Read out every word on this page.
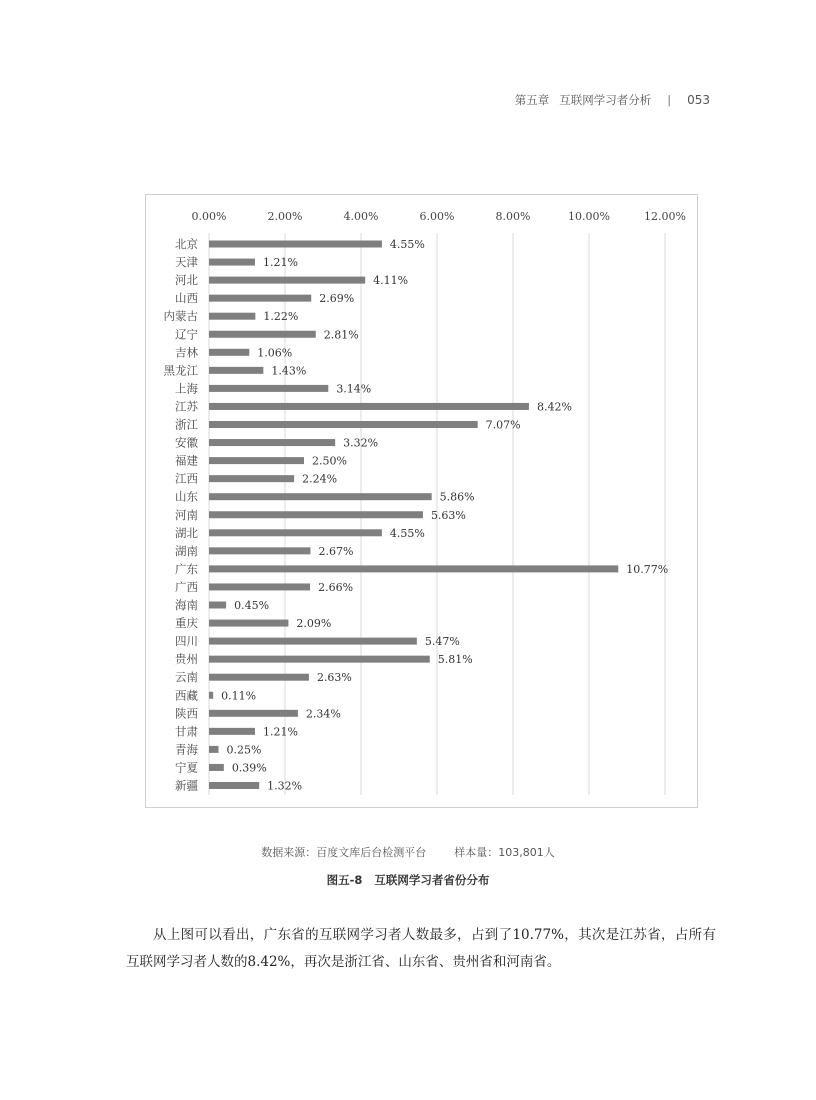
第五章 互联网学习者分析	|	053
0.00%	2.00%	4.00%	6.00%	8.00%	10.00%	12.00%
北京	4.55%
天津	1.21%
河北	4.11%
山西	2.69%
内蒙古	1.22%
辽宁	2.81%
吉林	1.06%
黑龙江	1.43%
上海	3.14%
江苏	8.42%
浙江	7.07%
安徽	3.32%
福建	2.50%
江西	2.24%
山东	5.86%
河南	5.63%
湖北	4.55%
湖南	2.67%
广东	10.77%
广西	2.66%
海南	0.45%
重庆	2.09%
四川	5.47%
贵州	5.81%
云南	2.63%
西藏 0.11%
陕西	2.34%
甘肃	1.21%
青海	0.25%
宁夏	0.39%
新疆	1.32%
数据来源：百度文库后台检测平台	样本量：103,801人
图五-8 互联网学习者省份分布

从上图可以看出，广东省的互联网学习者人数最多，占到了10.77%，其次是江苏省，占所有互联网学习者人数的8.42%，再次是浙江省、山东省、贵州省和河南省。
